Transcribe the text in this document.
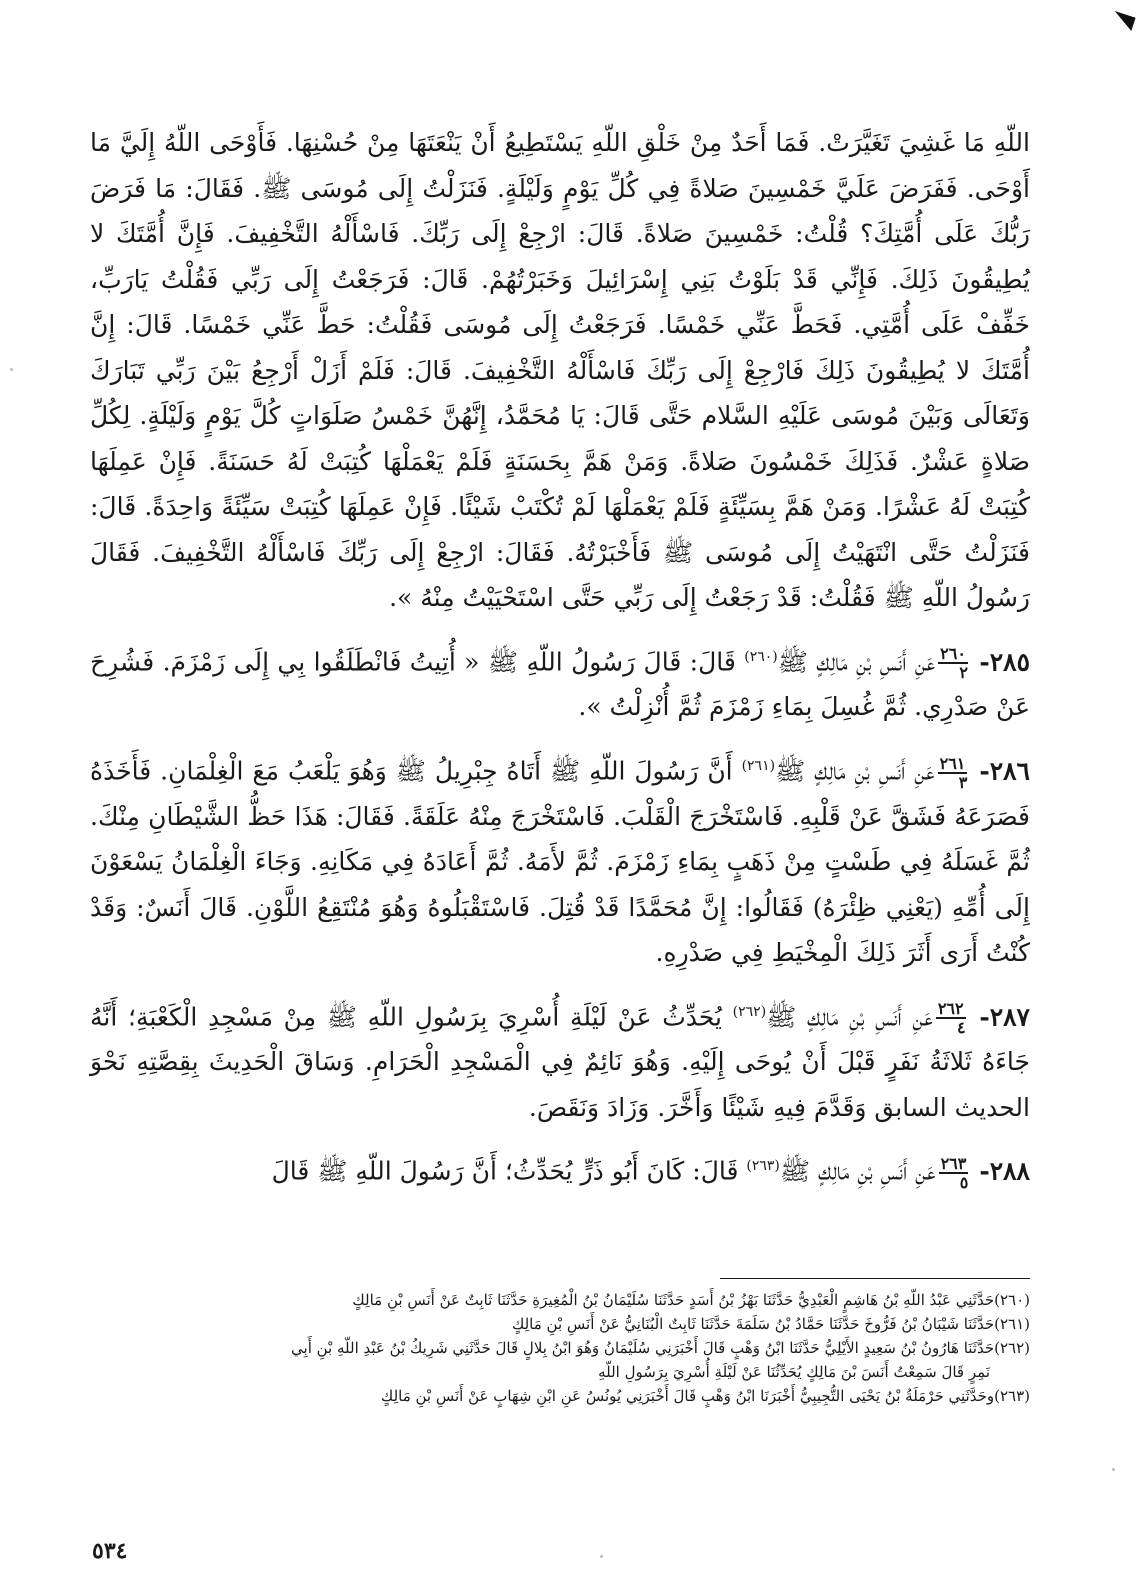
اللّهِ مَا غَشِيَ تَغَيَّرَتْ. فَمَا أَحَدٌ مِنْ خَلْقِ اللّهِ يَسْتَطِيعُ أَنْ يَنْعَتَهَا مِنْ حُسْنِهَا. فَأَوْحَى اللّهُ إِلَيَّ مَا أَوْحَى. فَفَرَضَ عَلَيَّ خَمْسِينَ صَلاةً فِي كُلِّ يَوْمٍ وَلَيْلَةٍ. فَنَزَلْتُ إِلَى مُوسَى ﷺ. فَقَالَ: مَا فَرَضَ رَبُّكَ عَلَى أُمَّتِكَ؟ قُلْتُ: خَمْسِينَ صَلاةً. قَالَ: ارْجِعْ إِلَى رَبِّكَ. فَاسْأَلْهُ التَّخْفِيفَ. فَإِنَّ أُمَّتَكَ لا يُطِيقُونَ ذَلِكَ. فَإِنِّي قَدْ بَلَوْتُ بَنِي إِسْرَائِيلَ وَخَبَرْتُهُمْ. قَالَ: فَرَجَعْتُ إِلَى رَبِّي فَقُلْتُ يَارَبِّ، خَفِّفْ عَلَى أُمَّتِي. فَحَطَّ عَنِّي خَمْسًا. فَرَجَعْتُ إِلَى مُوسَى فَقُلْتُ: حَطَّ عَنِّي خَمْسًا. قَالَ: إِنَّ أُمَّتَكَ لا يُطِيقُونَ ذَلِكَ فَارْجِعْ إِلَى رَبِّكَ فَاسْأَلْهُ التَّخْفِيفَ. قَالَ: فَلَمْ أَزَلْ أَرْجِعُ بَيْنَ رَبِّي تَبَارَكَ وَتَعَالَى وَبَيْنَ مُوسَى عَلَيْهِ السَّلام حَتَّى قَالَ: يَا مُحَمَّدُ، إِنَّهُنَّ خَمْسُ صَلَوَاتٍ كُلَّ يَوْمٍ وَلَيْلَةٍ. لِكُلِّ صَلاةٍ عَشْرٌ. فَذَلِكَ خَمْسُونَ صَلاةً. وَمَنْ هَمَّ بِحَسَنَةٍ فَلَمْ يَعْمَلْهَا كُتِبَتْ لَهُ حَسَنَةً. فَإِنْ عَمِلَهَا كُتِبَتْ لَهُ عَشْرًا. وَمَنْ هَمَّ بِسَيِّئَةٍ فَلَمْ يَعْمَلْهَا لَمْ تُكْتَبْ شَيْئًا. فَإِنْ عَمِلَهَا كُتِبَتْ سَيِّئَةً وَاحِدَةً. قَالَ: فَنَزَلْتُ حَتَّى انْتَهَيْتُ إِلَى مُوسَى ﷺ فَأَخْبَرْتُهُ. فَقَالَ: ارْجِعْ إِلَى رَبِّكَ فَاسْأَلْهُ التَّخْفِيفَ. فَقَالَ رَسُولُ اللّهِ ﷺ فَقُلْتُ: قَدْ رَجَعْتُ إِلَى رَبِّي حَتَّى اسْتَحْيَيْتُ مِنْهُ ».

٢٨٥-
$\frac{٢٦٠}{٢}$
عَنِ أَنَسِ بْنِ مَالِكٍ ﷺ$^{(٢٦٠)}$ قَالَ: قَالَ رَسُولُ اللّهِ ﷺ « أُتِيتُ فَانْطَلَقُوا بِي إِلَى زَمْزَمَ. فَشُرِحَ عَنْ صَدْرِي. ثُمَّ غُسِلَ بِمَاءِ زَمْزَمَ ثُمَّ أُنْزِلْتُ ».

٢٨٦-
$\frac{٢٦١}{٣}$
عَنِ أَنَسِ بْنِ مَالِكٍ ﷺ$^{(٢٦١)}$ أَنَّ رَسُولَ اللّهِ ﷺ أَتَاهُ جِبْرِيلُ ﷺ وَهُوَ يَلْعَبُ مَعَ الْغِلْمَانِ. فَأَخَذَهُ فَصَرَعَهُ فَشَقَّ عَنْ قَلْبِهِ. فَاسْتَخْرَجَ الْقَلْبَ. فَاسْتَخْرَجَ مِنْهُ عَلَقَةً. فَقَالَ: هَذَا حَظُّ الشَّيْطَانِ مِنْكَ. ثُمَّ غَسَلَهُ فِي طَسْتٍ مِنْ ذَهَبٍ بِمَاءِ زَمْزَمَ. ثُمَّ لأَمَهُ. ثُمَّ أَعَادَهُ فِي مَكَانِهِ. وَجَاءَ الْغِلْمَانُ يَسْعَوْنَ إِلَى أُمِّهِ (يَعْنِي ظِئْرَهُ) فَقَالُوا: إِنَّ مُحَمَّدًا قَدْ قُتِلَ. فَاسْتَقْبَلُوهُ وَهُوَ مُنْتَقِعُ اللَّوْنِ. قَالَ أَنَسٌ: وَقَدْ كُنْتُ أَرَى أَثَرَ ذَلِكَ الْمِخْيَطِ فِي صَدْرِهِ.

٢٨٧-
$\frac{٢٦٢}{٤}$
عَنِ أَنَسِ بْنِ مَالِكٍ ﷺ$^{(٢٦٢)}$ يُحَدِّثُ عَنْ لَيْلَةِ أُسْرِيَ بِرَسُولِ اللّهِ ﷺ مِنْ مَسْجِدِ الْكَعْبَةِ؛ أَنَّهُ جَاءَهُ ثَلاثَةُ نَفَرٍ قَبْلَ أَنْ يُوحَى إِلَيْهِ. وَهُوَ نَائِمٌ فِي الْمَسْجِدِ الْحَرَامِ. وَسَاقَ الْحَدِيثَ بِقِصَّتِهِ نَحْوَ الحديث السابق وَقَدَّمَ فِيهِ شَيْئًا وَأَخَّرَ. وَزَادَ وَنَقَصَ.

٢٨٨-
$\frac{٢٦٣}{٥}$
عَنِ أَنَسِ بْنِ مَالِكٍ ﷺ$^{(٢٦٣)}$ قَالَ: كَانَ أَبُو ذَرٍّ يُحَدِّثُ؛ أَنَّ رَسُولَ اللّهِ ﷺ قَالَ

(٢٦٠)حَدَّثَنِي عَبْدُ اللّهِ بْنُ هَاشِمٍ الْعَبْدِيُّ حَدَّثَنَا بَهْزُ بْنُ أَسَدٍ حَدَّثَنَا سُلَيْمَانُ بْنُ الْمُغِيرَةِ حَدَّثَنَا ثَابِتٌ عَنْ أَنَسِ بْنِ مَالِكٍ

(٢٦١)حَدَّثَنَا شَيْبَانُ بْنُ فَرُّوخَ حَدَّثَنَا حَمَّادُ بْنُ سَلَمَةَ حَدَّثَنَا ثَابِتٌ الْبُنَانِيُّ عَنْ أَنَسِ بْنِ مَالِكٍ

(٢٦٢)حَدَّثَنَا هَارُونُ بْنُ سَعِيدٍ الأَيْلِيُّ حَدَّثَنَا ابْنُ وَهْبٍ قَالَ أَخْبَرَنِي سُلَيْمَانُ وَهُوَ ابْنُ بِلالٍ قَالَ حَدَّثَنِي شَرِيكُ بْنُ عَبْدِ اللّهِ بْنِ أَبِي

نَمِرٍ قَالَ سَمِعْتُ أَنَسَ بْنَ مَالِكٍ يُحَدِّثُنَا عَنْ لَيْلَةِ أُسْرِيَ بِرَسُولِ اللّهِ

(٢٦٣)وحَدَّثَنِي حَرْمَلَةُ بْنُ يَحْيَى التُّجِيبِيُّ أَخْبَرَنَا ابْنُ وَهْبٍ قَالَ أَخْبَرَنِي يُونُسُ عَنِ ابْنِ شِهَابٍ عَنْ أَنَسِ بْنِ مَالِكٍ

٥٣٤
